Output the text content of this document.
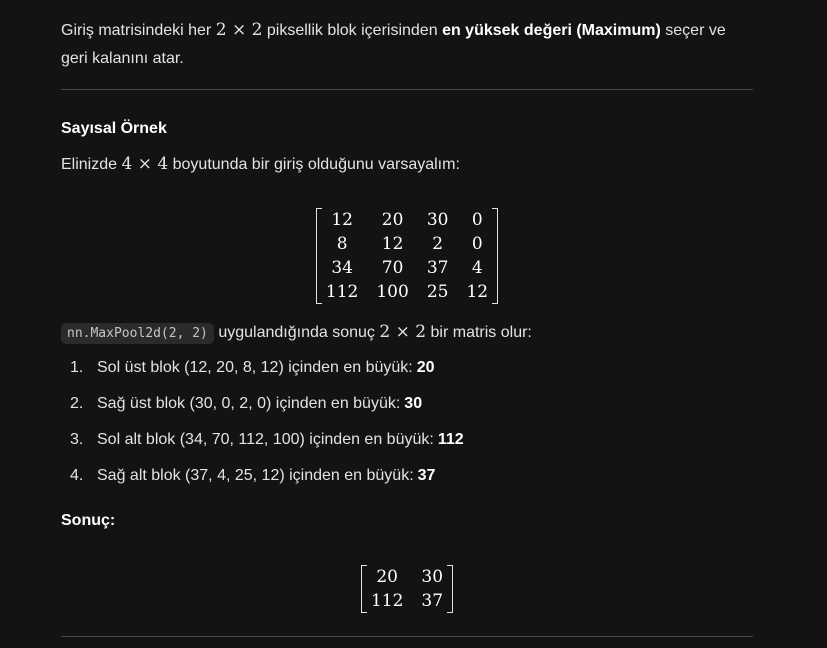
Giriş matrisindeki her 2 × 2 piksellik blok içerisinden en yüksek değeri (Maximum) seçer ve
geri kalanını atar.
Sayısal Örnek
Elinizde 4 × 4 boyutunda bir giriş olduğunu varsayalım:
12	20	30	0
8	12	2	0
34	70	37	4
112	100	25	12
nn.MaxPool2d(2, 2) uygulandığında sonuç 2 × 2 bir matris olur:
1. Sol üst blok (12, 20, 8, 12) içinden en büyük: 20
2. Sağ üst blok (30, 0, 2, 0) içinden en büyük: 30
3. Sol alt blok (34, 70, 112, 100) içinden en büyük: 112
4. Sağ alt blok (37, 4, 25, 12) içinden en büyük: 37
Sonuç:
20	30
112	37
